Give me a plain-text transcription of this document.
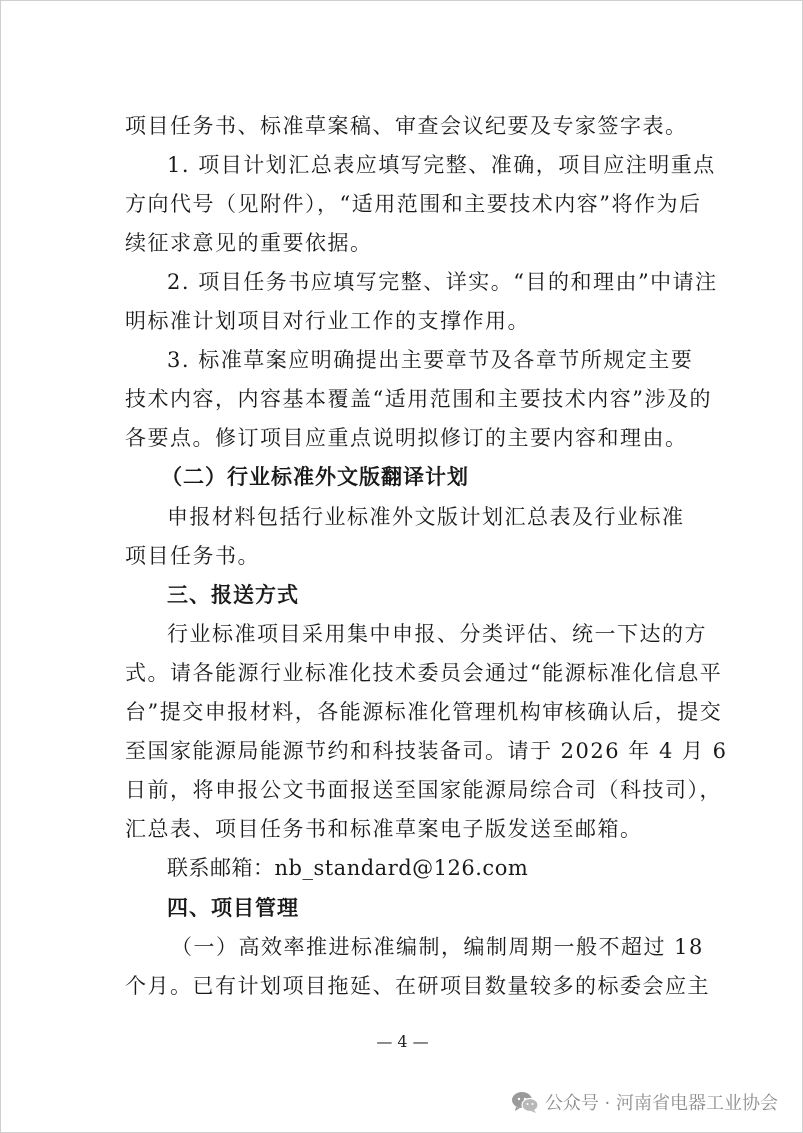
项目任务书、标准草案稿、审查会议纪要及专家签字表。
1. 项目计划汇总表应填写完整、准确，项目应注明重点
方向代号（见附件），“适用范围和主要技术内容”将作为后
续征求意见的重要依据。
2. 项目任务书应填写完整、详实。“目的和理由”中请注
明标准计划项目对行业工作的支撑作用。
3. 标准草案应明确提出主要章节及各章节所规定主要
技术内容，内容基本覆盖“适用范围和主要技术内容”涉及的
各要点。修订项目应重点说明拟修订的主要内容和理由。
（二）行业标准外文版翻译计划
申报材料包括行业标准外文版计划汇总表及行业标准
项目任务书。
三、报送方式
行业标准项目采用集中申报、分类评估、统一下达的方
式。请各能源行业标准化技术委员会通过“能源标准化信息平
台”提交申报材料，各能源标准化管理机构审核确认后，提交
至国家能源局能源节约和科技装备司。请于 2026 年 4 月 6
日前，将申报公文书面报送至国家能源局综合司（科技司），
汇总表、项目任务书和标准草案电子版发送至邮箱。
联系邮箱：nb_standard@126.com
四、项目管理
（一）高效率推进标准编制，编制周期一般不超过 18
个月。已有计划项目拖延、在研项目数量较多的标委会应主
— 4 —
公众号 · 河南省电器工业协会
